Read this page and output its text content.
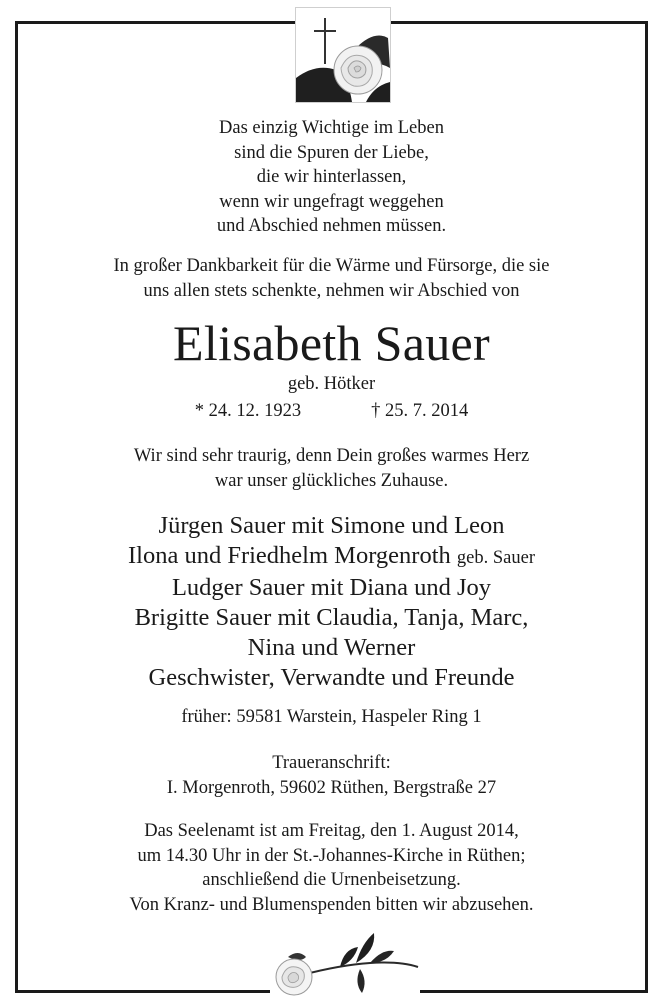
Das einzig Wichtige im Leben
sind die Spuren der Liebe,
die wir hinterlassen,
wenn wir ungefragt weggehen
und Abschied nehmen müssen.
In großer Dankbarkeit für die Wärme und Fürsorge, die sie
uns allen stets schenkte, nehmen wir Abschied von
Elisabeth Sauer
geb. Hötker
* 24. 12. 1923	† 25. 7. 2014
Wir sind sehr traurig, denn Dein großes warmes Herz
war unser glückliches Zuhause.
Jürgen Sauer mit Simone und Leon
Ilona und Friedhelm Morgenroth geb. Sauer
Ludger Sauer mit Diana und Joy
Brigitte Sauer mit Claudia, Tanja, Marc,
Nina und Werner
Geschwister, Verwandte und Freunde
früher: 59581 Warstein, Haspeler Ring 1
Traueranschrift:
I. Morgenroth, 59602 Rüthen, Bergstraße 27
Das Seelenamt ist am Freitag, den 1. August 2014,
um 14.30 Uhr in der St.-Johannes-Kirche in Rüthen;
anschließend die Urnenbeisetzung.
Von Kranz- und Blumenspenden bitten wir abzusehen.
